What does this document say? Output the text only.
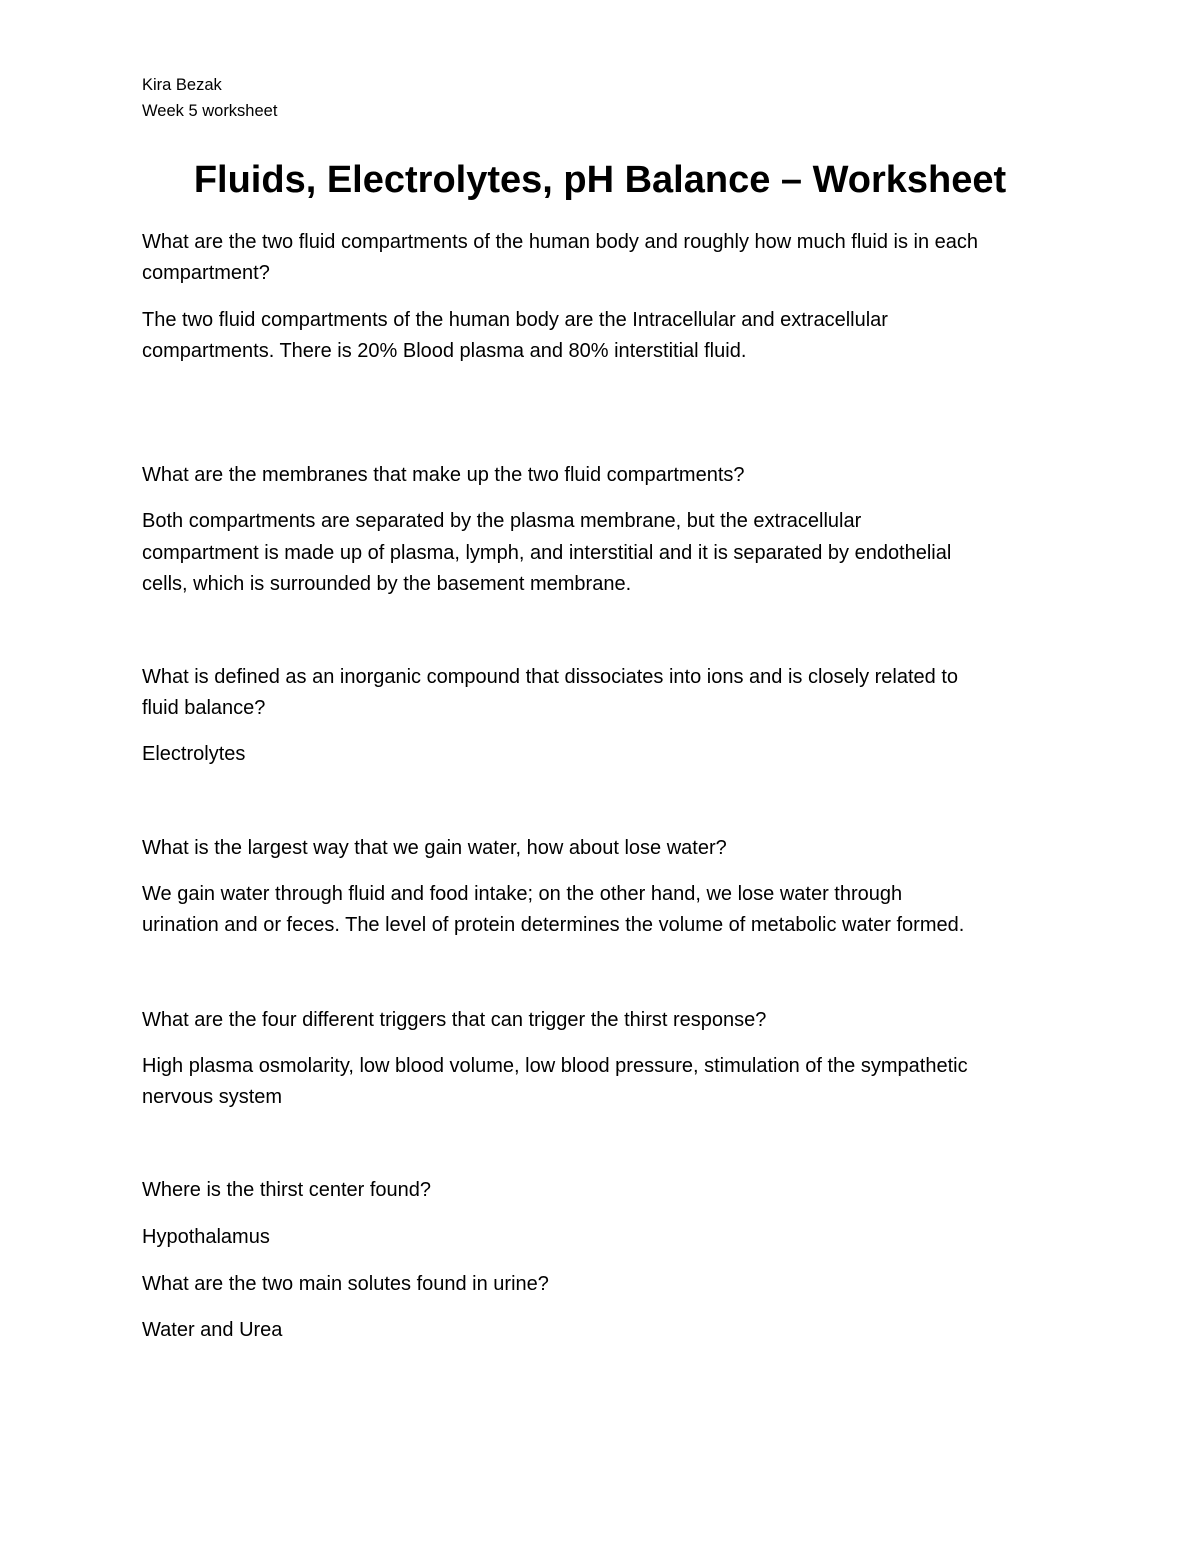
Kira Bezak
Week 5 worksheet
Fluids, Electrolytes, pH Balance – Worksheet
What are the two fluid compartments of the human body and roughly how much fluid is in each
compartment?
The two fluid compartments of the human body are the Intracellular and extracellular
compartments. There is 20% Blood plasma and 80% interstitial fluid.
What are the membranes that make up the two fluid compartments?
Both compartments are separated by the plasma membrane, but the extracellular
compartment is made up of plasma, lymph, and interstitial and it is separated by endothelial
cells, which is surrounded by the basement membrane.
What is defined as an inorganic compound that dissociates into ions and is closely related to
fluid balance?
Electrolytes
What is the largest way that we gain water, how about lose water?
We gain water through fluid and food intake; on the other hand, we lose water through
urination and or feces. The level of protein determines the volume of metabolic water formed.
What are the four different triggers that can trigger the thirst response?
High plasma osmolarity, low blood volume, low blood pressure, stimulation of the sympathetic
nervous system
Where is the thirst center found?
Hypothalamus
What are the two main solutes found in urine?
Water and Urea
